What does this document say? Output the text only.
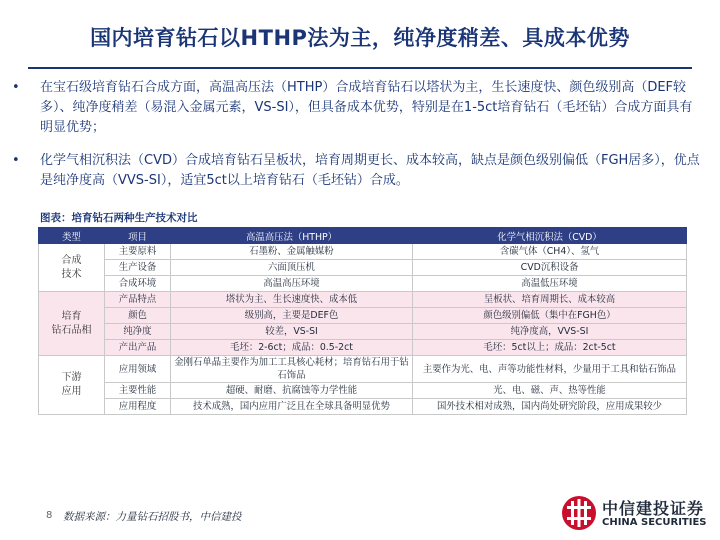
国内培育钻石以HTHP法为主，纯净度稍差、具成本优势
•	在宝石级培育钻石合成方面，高温高压法（HTHP）合成培育钻石以塔状为主，生长速度快、颜色级别高（DEF较多）、纯净度稍差（易混入金属元素，VS-SI），但具备成本优势，特别是在1-5ct培育钻石（毛坯钻）合成方面具有明显优势；
•	化学气相沉积法（CVD）合成培育钻石呈板状，培育周期更长、成本较高，缺点是颜色级别偏低（FGH居多），优点是纯净度高（VVS-SI），适宜5ct以上培育钻石（毛坯钻）合成。
图表：培育钻石两种生产技术对比
类型	项目	高温高压法（HTHP）	化学气相沉积法（CVD）
合成
技术	主要原料	石墨粉、金属触媒粉	含碳气体（CH4）、氢气
	生产设备	六面顶压机	CVD沉积设备
	合成环境	高温高压环境	高温低压环境
培育
钻石品相	产品特点	塔状为主、生长速度快、成本低	呈板状、培育周期长、成本较高
	颜色	级别高，主要是DEF色	颜色级别偏低（集中在FGH色）
	纯净度	较差，VS-SI	纯净度高，VVS-SI
	产出产品	毛坯：2-6ct；成品：0.5-2ct	毛坯：5ct以上；成品：2ct-5ct
下游
应用	应用领域	金刚石单晶主要作为加工工具核心耗材；培育钻石用于钻石饰品	主要作为光、电、声等功能性材料，少量用于工具和钻石饰品
	主要性能	超硬、耐磨、抗腐蚀等力学性能	光、电、磁、声、热等性能
	应用程度	技术成熟，国内应用广泛且在全球具备明显优势	国外技术相对成熟，国内尚处研究阶段，应用成果较少
8 数据来源：力量钻石招股书，中信建投	中信建投证券
CHINA SECURITIES
